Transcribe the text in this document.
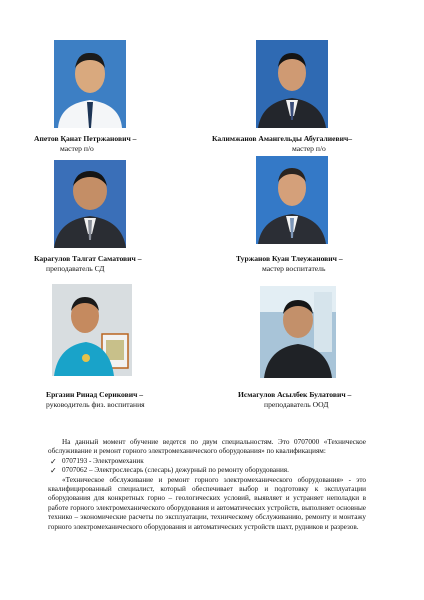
Апетов Қанат Петржанович –
мастер п/о
Калимжанов Амангельды Абугалиевич–
мастер п/о
Карагулов Талгат Саматович –
преподаватель СД
Туржанов Куан Тлеужанович –
мастер воспитатель
Ергазин Ринад Серикович –
руководитель физ. воспитания
Исмагулов Асылбек Булатович –
преподаватель ООД

На данный момент обучение ведется по двум специальностям. Это 0707000 «Техническое обслуживание и ремонт горного электромеханического оборудования» по квалификациям:

✓ 0707193 - Электромеханик
✓ 0707062 – Электрослесарь (слесарь) дежурный по ремонту оборудования.

«Техническое обслуживание и ремонт горного электромеханического оборудования» - это квалифицированный специалист, который обеспечивает выбор и подготовку к эксплуатации оборудования для конкретных горно – геологических условий, выявляет и устраняет неполадки в работе горного электромеханического оборудования и автоматических устройств, выполняет основные технико – экономические расчеты по эксплуатации, техническому обслуживанию, ремонту и монтажу горного электромеханического оборудования и автоматических устройств шахт, рудников и разрезов.
